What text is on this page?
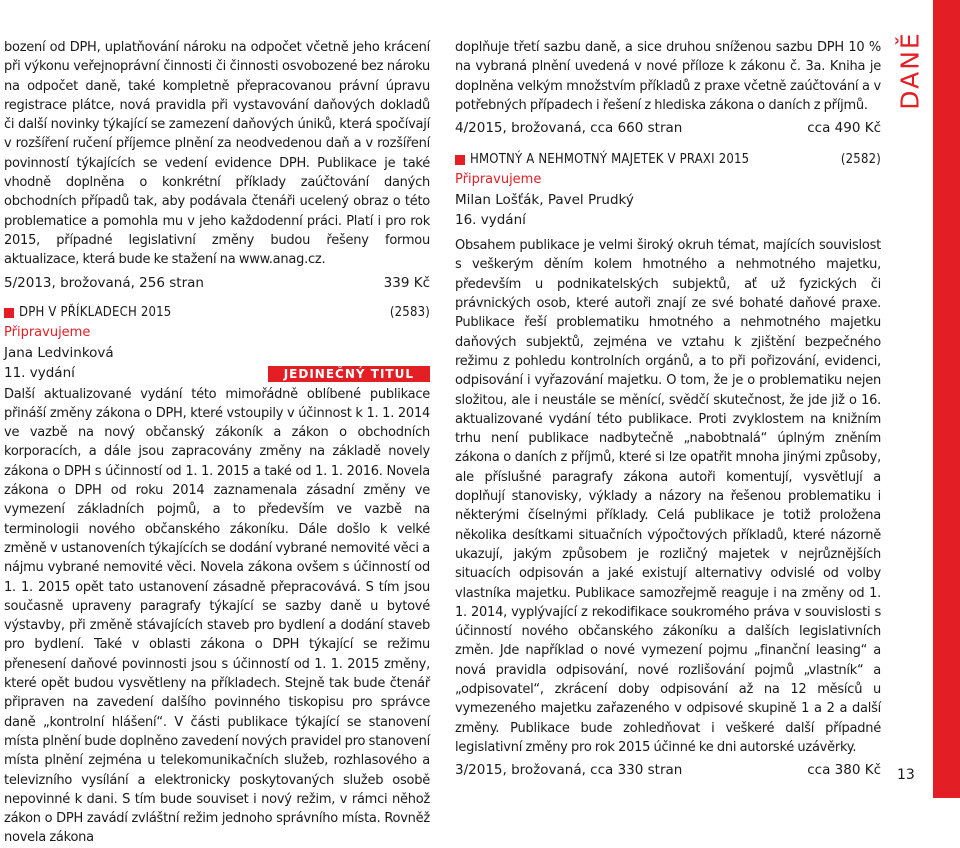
DANĚ

bození od DPH, uplatňování nároku na odpočet včetně jeho krácení při výkonu veřejnoprávní činnosti či činnosti osvobozené bez nároku na odpočet daně, také kompletně přepracovanou právní úpravu registrace plátce, nová pravidla při vystavování daňových dokladů či další novinky týkající se zamezení daňových úniků, která spočívají v rozšíření ručení příjemce plnění za neodvedenou daň a v rozšíření povinností týkajících se vedení evidence DPH. Publikace je také vhodně doplněna o konkrétní příklady zaúčtování daných obchodních případů tak, aby podávala čtenáři ucelený obraz o této problematice a pomohla mu v jeho každodenní práci. Platí i pro rok 2015, případné legislativní změny budou řešeny formou aktualizace, která bude ke stažení na www.anag.cz.

5/2013, brožovaná, 256 stran	339 Kč
DPH V PŘÍKLADECH 2015	(2583)
Připravujeme
Jana Ledvinková
11. vydání	JEDINEČNÝ TITUL

Další aktualizované vydání této mimořádně oblíbené publikace přináší změny zákona o DPH, které vstoupily v účinnost k 1. 1. 2014 ve vazbě na nový občanský zákoník a zákon o obchodních korporacích, a dále jsou zapracovány změny na základě novely zákona o DPH s účinností od 1. 1. 2015 a také od 1. 1. 2016. Novela zákona o DPH od roku 2014 zaznamenala zásadní změny ve vymezení základních pojmů, a to především ve vazbě na terminologii nového občanského zákoníku. Dále došlo k velké změně v ustanoveních týkajících se dodání vybrané nemovité věci a nájmu vybrané nemovité věci. Novela zákona ovšem s účinností od 1. 1. 2015 opět tato ustanovení zásadně přepracovává. S tím jsou současně upraveny paragrafy týkající se sazby daně u bytové výstavby, při změně stávajících staveb pro bydlení a dodání staveb pro bydlení. Také v oblasti zákona o DPH týkající se režimu přenesení daňové povinnosti jsou s účinností od 1. 1. 2015 změny, které opět budou vysvětleny na příkladech. Stejně tak bude čtenář připraven na zavedení dalšího povinného tiskopisu pro správce daně „kontrolní hlášení“. V části publikace týkající se stanovení místa plnění bude doplněno zavedení nových pravidel pro stanovení místa plnění zejména u telekomunikačních služeb, rozhlasového a televizního vysílání a elektronicky poskytovaných služeb osobě nepovinné k dani. S tím bude souviset i nový režim, v rámci něhož zákon o DPH zavádí zvláštní režim jednoho správního místa. Rovněž novela zákona

doplňuje třetí sazbu daně, a sice druhou sníženou sazbu DPH 10 % na vybraná plnění uvedená v nové příloze k zákonu č. 3a. Kniha je doplněna velkým množstvím příkladů z praxe včetně zaúčtování a v potřebných případech i řešení z hlediska zákona o daních z příjmů.

4/2015, brožovaná, cca 660 stran	cca 490 Kč
HMOTNÝ A NEHMOTNÝ MAJETEK V PRAXI 2015	(2582)
Připravujeme
Milan Lošťák, Pavel Prudký
16. vydání

Obsahem publikace je velmi široký okruh témat, majících souvislost s veškerým děním kolem hmotného a nehmotného majetku, především u podnikatelských subjektů, ať už fyzických či právnických osob, které autoři znají ze své bohaté daňové praxe. Publikace řeší problematiku hmotného a nehmotného majetku daňových subjektů, zejména ve vztahu k zjištění bezpečného režimu z pohledu kontrolních orgánů, a to při pořizování, evidenci, odpisování i vyřazování majetku. O tom, že je o problematiku nejen složitou, ale i neustále se měnící, svědčí skutečnost, že jde již o 16. aktualizované vydání této publikace. Proti zvyklostem na knižním trhu není publikace nadbytečně „nabobtnalá“ úplným zněním zákona o daních z příjmů, které si lze opatřit mnoha jinými způsoby, ale příslušné paragrafy zákona autoři komentují, vysvětlují a doplňují stanovisky, výklady a názory na řešenou problematiku i některými číselnými příklady. Celá publikace je totiž proložena několika desítkami situačních výpočtových příkladů, které názorně ukazují, jakým způsobem je rozličný majetek v nejrůznějších situacích odpisován a jaké existují alternativy odvislé od volby vlastníka majetku. Publikace samozřejmě reaguje i na změny od 1. 1. 2014, vyplývající z rekodifikace soukromého práva v souvislosti s účinností nového občanského zákoníku a dalších legislativních změn. Jde například o nové vymezení pojmu „finanční leasing“ a nová pravidla odpisování, nové rozlišování pojmů „vlastník“ a „odpisovatel“, zkrácení doby odpisování až na 12 měsíců u vymezeného majetku zařazeného v odpisové skupině 1 a 2 a další změny. Publikace bude zohledňovat i veškeré další případné legislativní změny pro rok 2015 účinné ke dni autorské uzávěrky.

3/2015, brožovaná, cca 330 stran	cca 380 Kč 13
